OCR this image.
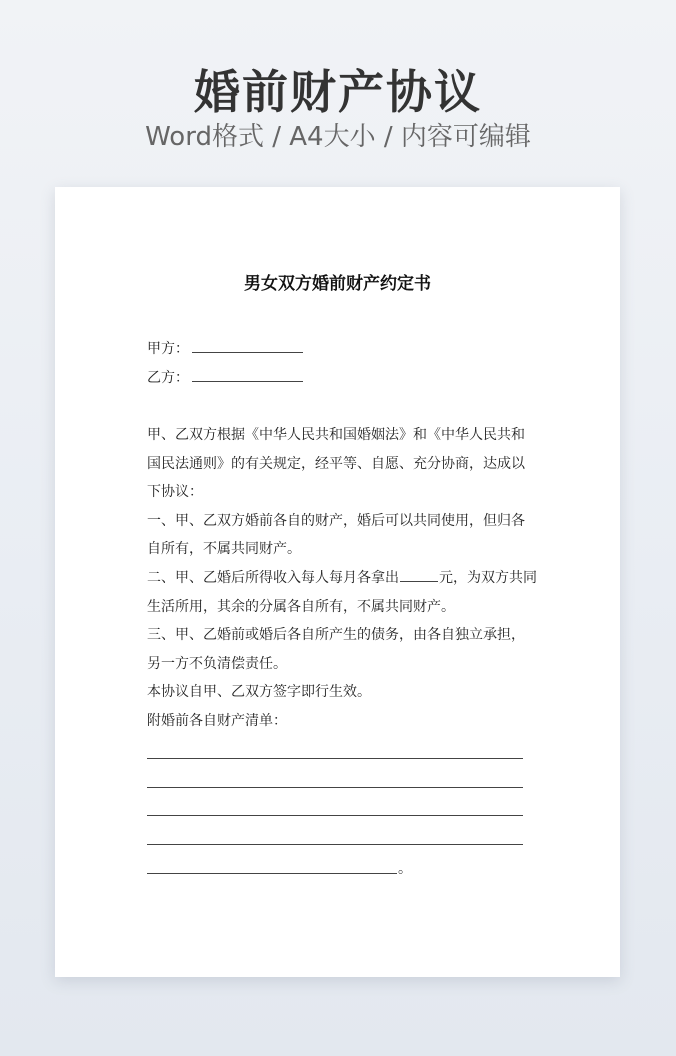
婚前财产协议
Word格式 / A4大小 / 内容可编辑
男女双方婚前财产约定书
甲方：
乙方：

甲、乙双方根据《中华人民共和国婚姻法》和《中华人民共和国民法通则》的有关规定，经平等、自愿、充分协商，达成以下协议：

一、甲、乙双方婚前各自的财产，婚后可以共同使用，但归各自所有，不属共同财产。

二、甲、乙婚后所得收入每人每月各拿出	元，为双方共同生活所用，其余的分属各自所有，不属共同财产。

三、甲、乙婚前或婚后各自所产生的债务，由各自独立承担，另一方不负清偿责任。

本协议自甲、乙双方签字即行生效。

附婚前各自财产清单：

。
